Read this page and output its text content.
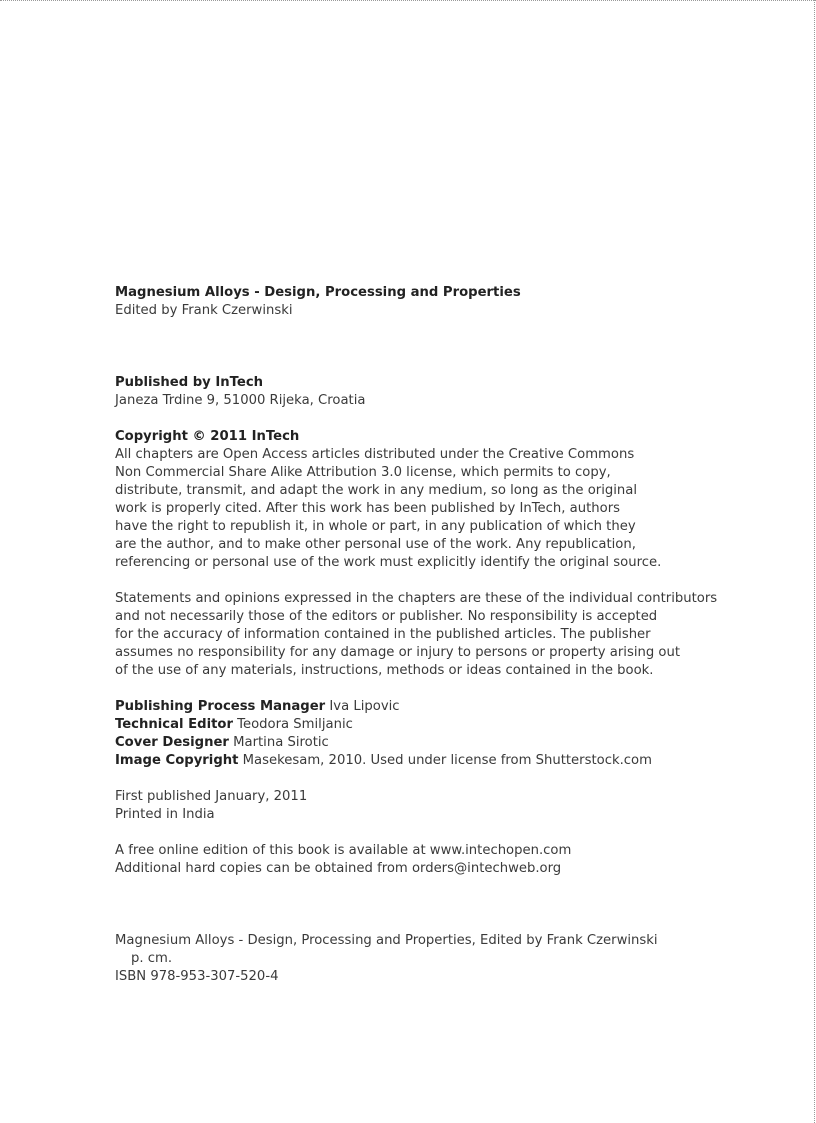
Magnesium Alloys - Design, Processing and Properties
Edited by Frank Czerwinski
Published by InTech
Janeza Trdine 9, 51000 Rijeka, Croatia
Copyright © 2011 InTech
All chapters are Open Access articles distributed under the Creative Commons
Non Commercial Share Alike Attribution 3.0 license, which permits to copy,
distribute, transmit, and adapt the work in any medium, so long as the original
work is properly cited. After this work has been published by InTech, authors
have the right to republish it, in whole or part, in any publication of which they
are the author, and to make other personal use of the work. Any republication,
referencing or personal use of the work must explicitly identify the original source.
Statements and opinions expressed in the chapters are these of the individual contributors
and not necessarily those of the editors or publisher. No responsibility is accepted
for the accuracy of information contained in the published articles. The publisher
assumes no responsibility for any damage or injury to persons or property arising out
of the use of any materials, instructions, methods or ideas contained in the book.
Publishing Process Manager Iva Lipovic
Technical Editor Teodora Smiljanic
Cover Designer Martina Sirotic
Image Copyright Masekesam, 2010. Used under license from Shutterstock.com
First published January, 2011
Printed in India
A free online edition of this book is available at www.intechopen.com
Additional hard copies can be obtained from orders@intechweb.org
Magnesium Alloys - Design, Processing and Properties, Edited by Frank Czerwinski
p. cm.
ISBN 978-953-307-520-4
